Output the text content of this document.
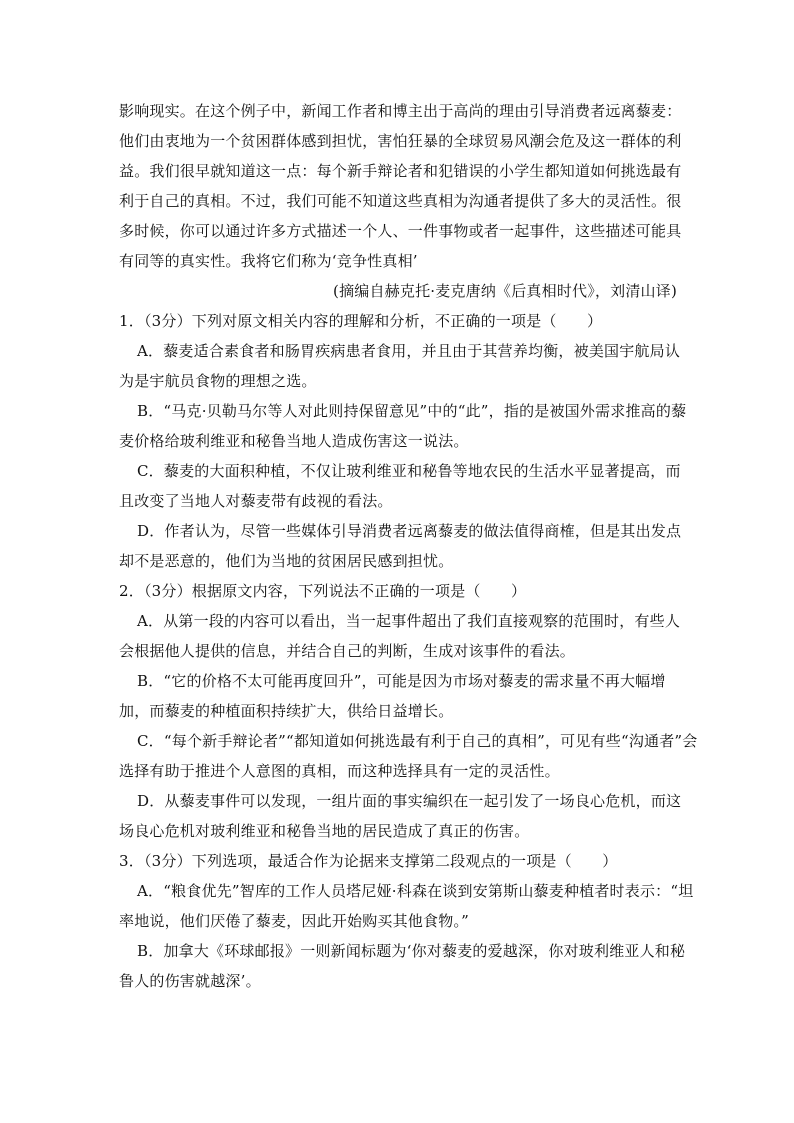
影响现实。在这个例子中，新闻工作者和博主出于高尚的理由引导消费者远离藜麦：
他们由衷地为一个贫困群体感到担忧，害怕狂暴的全球贸易风潮会危及这一群体的利
益。我们很早就知道这一点：每个新手辩论者和犯错误的小学生都知道如何挑选最有
利于自己的真相。不过，我们可能不知道这些真相为沟通者提供了多大的灵活性。很
多时候，你可以通过许多方式描述一个人、一件事物或者一起事件，这些描述可能具
有同等的真实性。我将它们称为‘竞争性真相’
(摘编自赫克托·麦克唐纳《后真相时代》，刘清山译)
1．（3分）下列对原文相关内容的理解和分析，不正确的一项是（　　）
A．藜麦适合素食者和肠胃疾病患者食用，并且由于其营养均衡，被美国宇航局认
为是宇航员食物的理想之选。
B．“马克·贝勒马尔等人对此则持保留意见”中的“此”，指的是被国外需求推高的藜
麦价格给玻利维亚和秘鲁当地人造成伤害这一说法。
C．藜麦的大面积种植，不仅让玻利维亚和秘鲁等地农民的生活水平显著提高，而
且改变了当地人对藜麦带有歧视的看法。
D．作者认为，尽管一些媒体引导消费者远离藜麦的做法值得商榷，但是其出发点
却不是恶意的，他们为当地的贫困居民感到担忧。
2．（3分）根据原文内容，下列说法不正确的一项是（　　）
A．从第一段的内容可以看出，当一起事件超出了我们直接观察的范围时，有些人
会根据他人提供的信息，并结合自己的判断，生成对该事件的看法。
B．“它的价格不太可能再度回升”，可能是因为市场对藜麦的需求量不再大幅增
加，而藜麦的种植面积持续扩大，供给日益增长。
C．“每个新手辩论者”“都知道如何挑选最有利于自己的真相”，可见有些“沟通者”会
选择有助于推进个人意图的真相，而这种选择具有一定的灵活性。
D．从藜麦事件可以发现，一组片面的事实编织在一起引发了一场良心危机，而这
场良心危机对玻利维亚和秘鲁当地的居民造成了真正的伤害。
3．（3分）下列选项，最适合作为论据来支撑第二段观点的一项是（　　）
A．“粮食优先”智库的工作人员塔尼娅·科森在谈到安第斯山藜麦种植者时表示：“坦
率地说，他们厌倦了藜麦，因此开始购买其他食物。”
B．加拿大《环球邮报》一则新闻标题为‘你对藜麦的爱越深，你对玻利维亚人和秘
鲁人的伤害就越深’。
